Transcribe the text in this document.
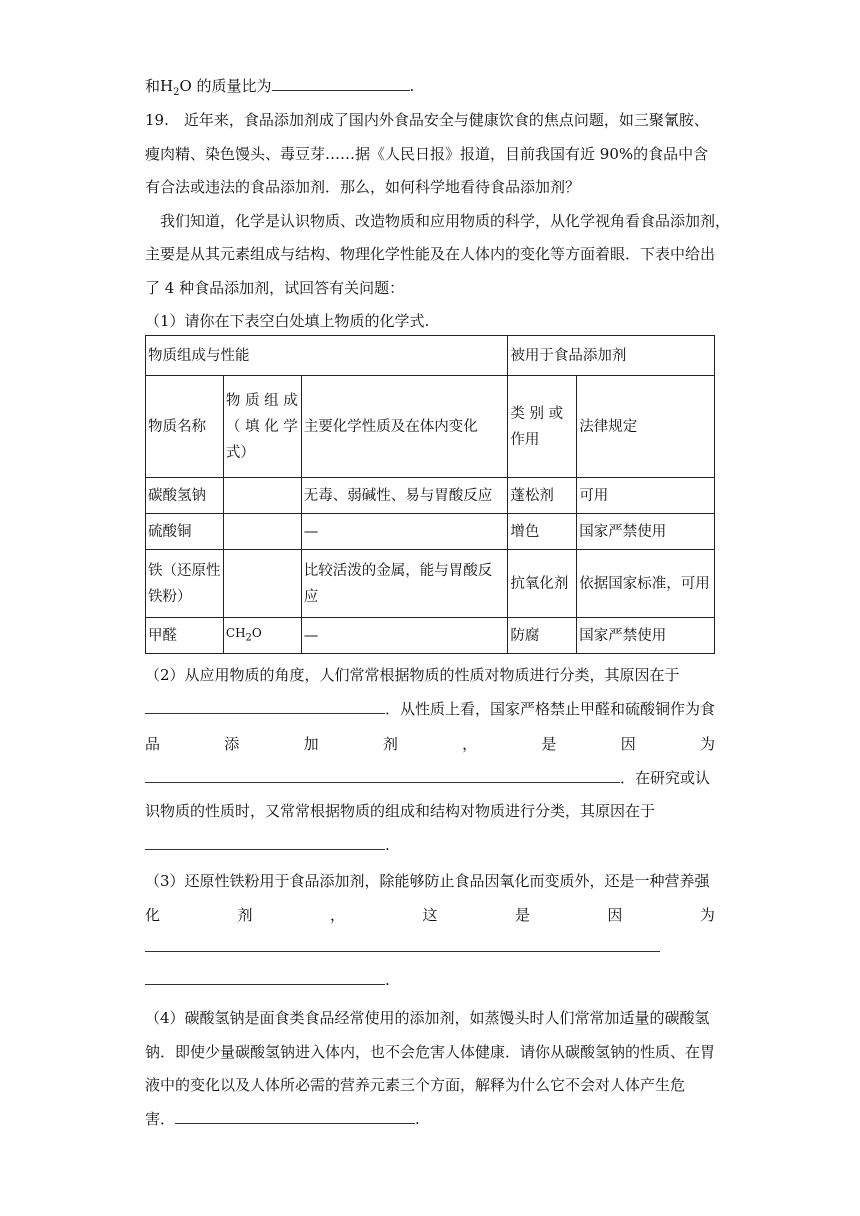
和$H_2O$ 的质量比为	.
19.　近年来，食品添加剂成了国内外食品安全与健康饮食的焦点问题，如三聚氰胺、
瘦肉精、染色馒头、毒豆芽……据《人民日报》报道，目前我国有近 90%的食品中含
有合法或违法的食品添加剂．那么，如何科学地看待食品添加剂？
我们知道，化学是认识物质、改造物质和应用物质的科学，从化学视角看食品添加剂，
主要是从其元素组成与结构、物理化学性能及在人体内的变化等方面着眼．下表中给出
了 4 种食品添加剂，试回答有关问题：
（1）请你在下表空白处填上物质的化学式.
物质组成与性能			被用于食品添加剂	
物质名称	物 质 组 成（ 填 化 学式）	主要化学性质及在体内变化	类 别 或 作用	法律规定
碳酸氢钠		无毒、弱碱性、易与胃酸反应	蓬松剂	可用
硫酸铜		—	增色	国家严禁使用
铁（还原性铁粉）		比较活泼的金属，能与胃酸反应	抗氧化剂	依据国家标准，可用
甲醛	$CH_2O$	—	防腐	国家严禁使用
（2）从应用物质的角度，人们常常根据物质的性质对物质进行分类，其原因在于
．从性质上看，国家严格禁止甲醛和硫酸铜作为食
品	添	加	剂	，	是	因	为
．在研究或认
识物质的性质时，又常常根据物质的组成和结构对物质进行分类，其原因在于
.
（3）还原性铁粉用于食品添加剂，除能够防止食品因氧化而变质外，还是一种营养强
化	剂	，	这	是	因	为
.
（4）碳酸氢钠是面食类食品经常使用的添加剂，如蒸馒头时人们常常加适量的碳酸氢
钠．即使少量碳酸氢钠进入体内，也不会危害人体健康．请你从碳酸氢钠的性质、在胃
液中的变化以及人体所必需的营养元素三个方面，解释为什么它不会对人体产生危
害．	.
